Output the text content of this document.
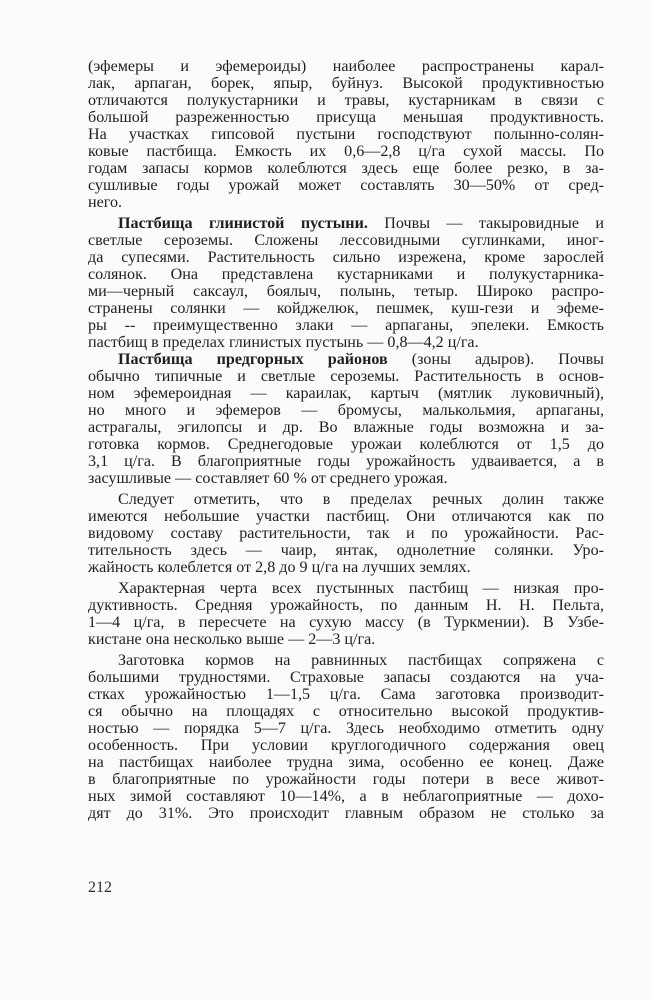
(эфемеры и эфемероиды) наиболее распространены карал-
лак, арпаган, борек, япыр, буйнуз. Высокой продуктивностью
отличаются полукустарники и травы, кустарникам в связи с
большой разреженностью присуща меньшая продуктивность.
На участках гипсовой пустыни господствуют полынно-солян-
ковые пастбища. Емкость их 0,6—2,8 ц/га сухой массы. По
годам запасы кормов колеблются здесь еще более резко, в за-
сушливые годы урожай может составлять 30—50% от сред-
него.
Пастбища глинистой пустыни. Почвы — такыровидные и
светлые сероземы. Сложены лессовидными суглинками, иног-
да супесями. Растительность сильно изрежена, кроме зарослей
солянок. Она представлена кустарниками и полукустарника-
ми—черный саксаул, боялыч, полынь, тетыр. Широко распро-
странены солянки — койджелюк, пешмек, куш-гези и эфеме-
ры -- преимущественно злаки — арпаганы, эпелеки. Емкость
пастбищ в пределах глинистых пустынь — 0,8—4,2 ц/га.
Пастбища предгорных районов (зоны адыров). Почвы
обычно типичные и светлые сероземы. Растительность в основ-
ном эфемероидная — караилак, картыч (мятлик луковичный),
но много и эфемеров — бромусы, малькольмия, арпаганы,
астрагалы, эгилопсы и др. Во влажные годы возможна и за-
готовка кормов. Среднегодовые урожаи колеблются от 1,5 до
3,1 ц/га. В благоприятные годы урожайность удваивается, а в
засушливые — составляет 60 % от среднего урожая.
Следует отметить, что в пределах речных долин также
имеются небольшие участки пастбищ. Они отличаются как по
видовому составу растительности, так и по урожайности. Рас-
тительность здесь — чаир, янтак, однолетние солянки. Уро-
жайность колеблется от 2,8 до 9 ц/га на лучших землях.
Характерная черта всех пустынных пастбищ — низкая про-
дуктивность. Средняя урожайность, по данным Н. Н. Пельта,
1—4 ц/га, в пересчете на сухую массу (в Туркмении). В Узбе-
кистане она несколько выше — 2—3 ц/га.
Заготовка кормов на равнинных пастбищах сопряжена с
большими трудностями. Страховые запасы создаются на уча-
стках урожайностью 1—1,5 ц/га. Сама заготовка производит-
ся обычно на площадях с относительно высокой продуктив-
ностью — порядка 5—7 ц/га. Здесь необходимо отметить одну
особенность. При условии круглогодичного содержания овец
на пастбищах наиболее трудна зима, особенно ее конец. Даже
в благоприятные по урожайности годы потери в весе живот-
ных зимой составляют 10—14%, а в неблагоприятные — дохо-
дят до 31%. Это происходит главным образом не столько за
212
